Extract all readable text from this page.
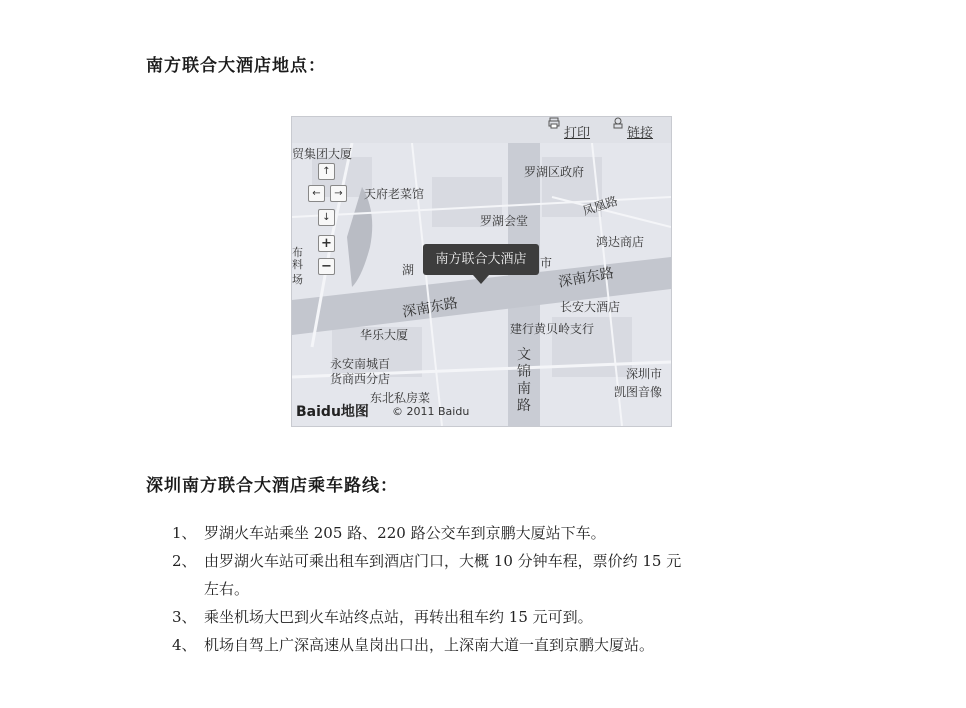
南方联合大酒店地点：
打印	链接
↑
←	→
↓
+
−
贸集团大厦
天府老菜馆
罗湖区政府
罗湖会堂
凤凰路
鸿达商店
布料
场
湖	市
深南东路
深南东路	长安大酒店
华乐大厦	建行黄贝岭支行
文锦南路
永安南城百货商西分店	深圳市
凯图音像
东北私房菜
南方联合大酒店
Baidu地图 © 2011 Baidu
深圳南方联合大酒店乘车路线：
1、 罗湖火车站乘坐 205 路、220 路公交车到京鹏大厦站下车。
2、 由罗湖火车站可乘出租车到酒店门口，大概 10 分钟车程，票价约 15 元
左右。
3、 乘坐机场大巴到火车站终点站，再转出租车约 15 元可到。
4、 机场自驾上广深高速从皇岗出口出，上深南大道一直到京鹏大厦站。
